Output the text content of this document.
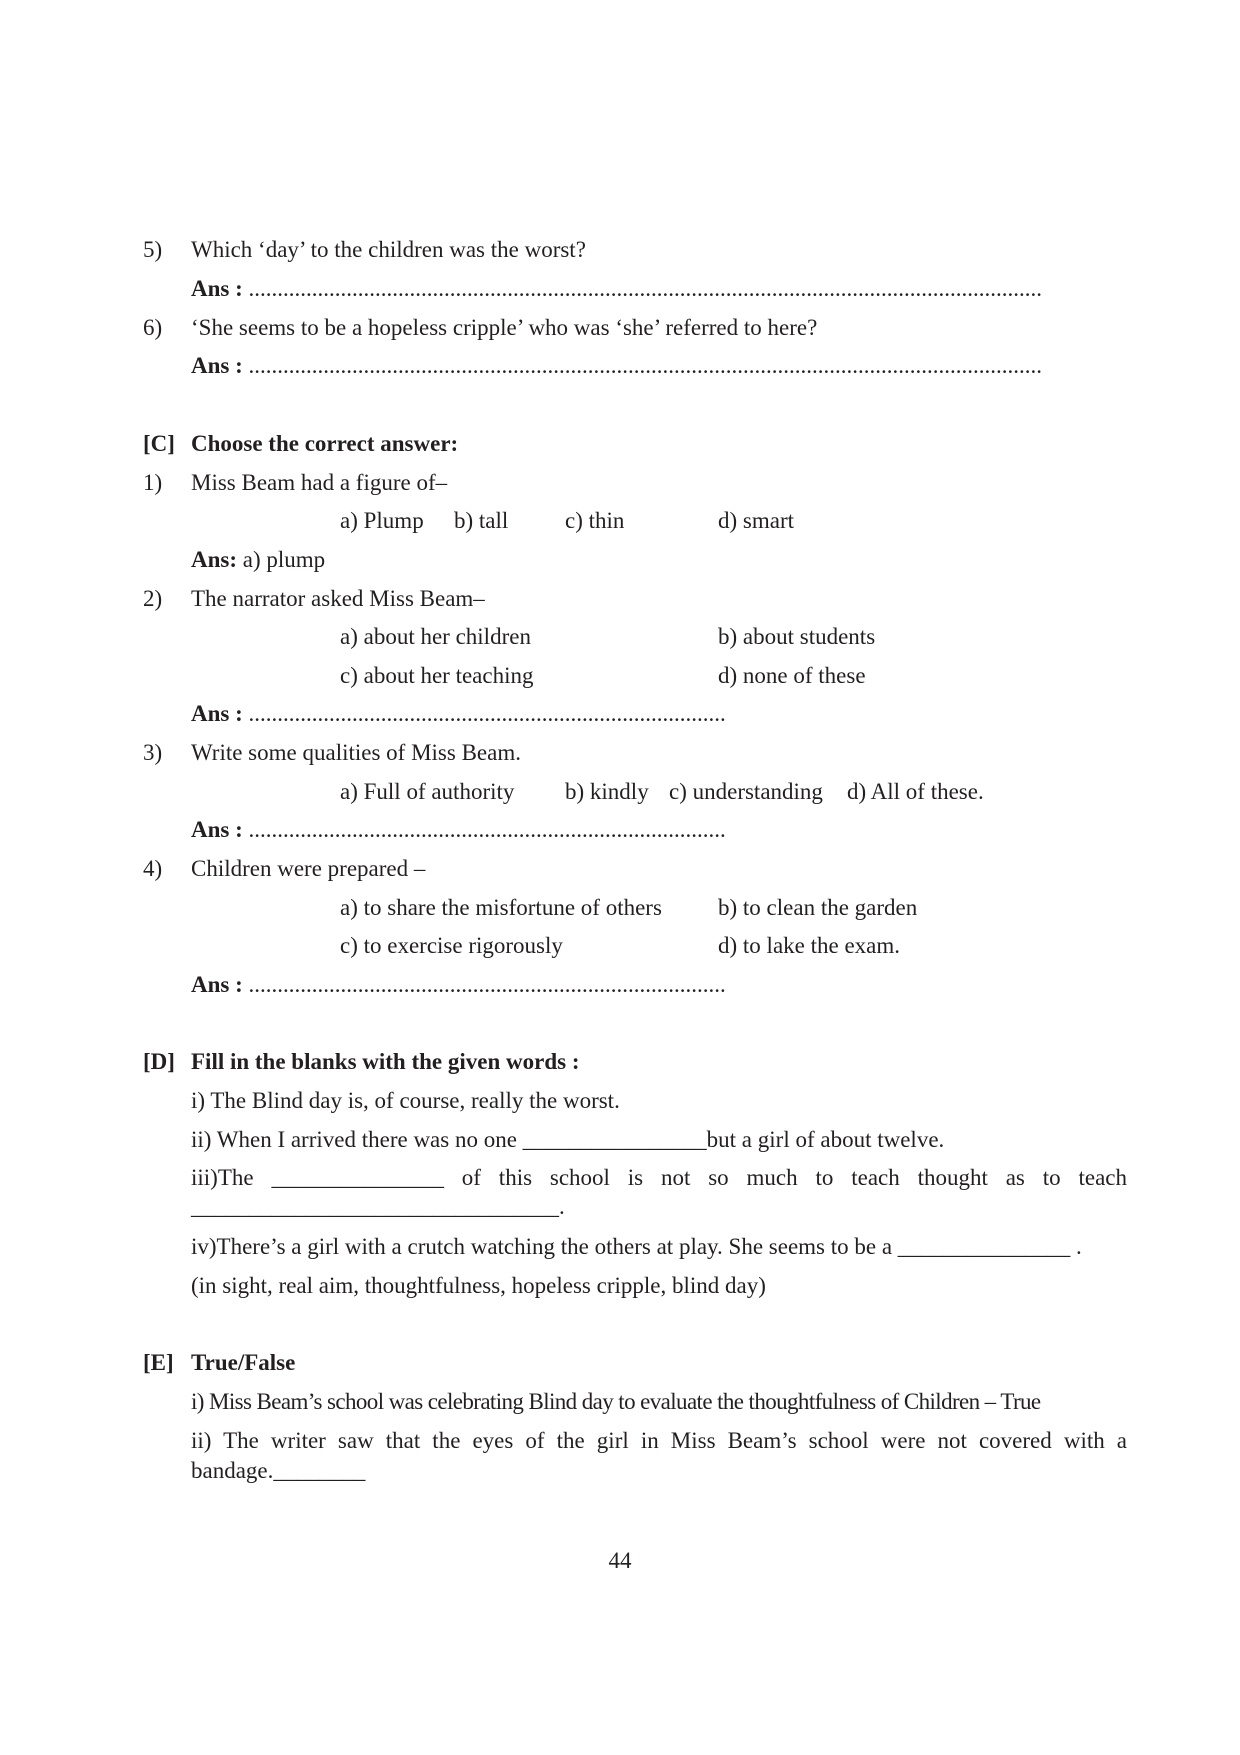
5) Which ‘day’ to the children was the worst?
Ans : ..........................................................................................................................................
6) ‘She seems to be a hopeless cripple’ who was ‘she’ referred to here?
Ans : ..........................................................................................................................................
[C] Choose the correct answer:
1) Miss Beam had a figure of–
a) Plump b) tall c) thin	d) smart
Ans: a) plump
2) The narrator asked Miss Beam–
a) about her children	b) about students
c) about her teaching	d) none of these
Ans : ...................................................................................
3) Write some qualities of Miss Beam.
a) Full of authority b) kindly c) understanding d) All of these.
Ans : ...................................................................................
4) Children were prepared –
a) to share the misfortune of others b) to clean the garden
c) to exercise rigorously	d) to lake the exam.
Ans : ...................................................................................
[D] Fill in the blanks with the given words :
i) The Blind day is, of course, really the worst.
ii) When I arrived there was no one ________________but a girl of about twelve.
iii)The _______________ of this school is not so much to teach thought as to teach
________________________________.
iv)There’s a girl with a crutch watching the others at play. She seems to be a _______________ .
(in sight, real aim, thoughtfulness, hopeless cripple, blind day)
[E] True/False
i) Miss Beam’s school was celebrating Blind day to evaluate the thoughtfulness of Children – True
ii) The writer saw that the eyes of the girl in Miss Beam’s school were not covered with a
bandage.________
44
